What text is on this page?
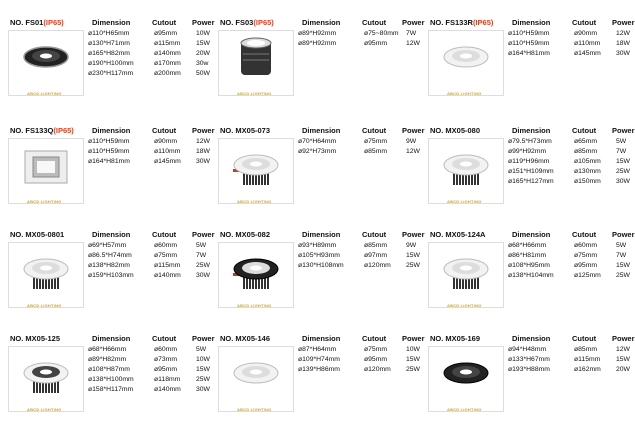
NO. FS01(IP65)	Dimension	Cutout Power
ABCD LIGHTING
ø110*H65mm	ø95mm	10W
ø130*H71mm	ø115mm 15W
ø165*H82mm	ø140mm 20W
ø190*H100mm	ø170mm 30w
ø230*H117mm	ø200mm 50W
NO. FS03(IP65)	Dimension	Cutout Power
ABCD LIGHTING
ø89*H92mm	ø75~80mm 7W
ø89*H92mm	ø95mm	12W
NO. FS133R(IP65) Dimension	Cutout Power
ABCD LIGHTING
ø110*H59mm	ø90mm	12W
ø110*H59mm	ø110mm 18W
ø164*H81mm	ø145mm 30W
NO. FS133Q(IP65) Dimension	Cutout Power
ABCD LIGHTING
ø110*H59mm	ø90mm	12W
ø110*H59mm	ø110mm 18W
ø164*H81mm	ø145mm 30W
NO. MX05-073	Dimension	Cutout Power
ABCD LIGHTING
ø70*H64mm	ø75mm	9W
ø92*H73mm	ø85mm	12W
NO. MX05-080	Dimension	Cutout Power
ABCD LIGHTING
ø79.5*H73mm	ø65mm	5W
ø99*H92mm	ø85mm	7W
ø119*H96mm	ø105mm 15W
ø151*H109mm	ø130mm 25W
ø165*H127mm	ø150mm 30W
NO. MX05-0801	Dimension	Cutout Power
ABCD LIGHTING
ø69*H57mm	ø60mm	5W
ø86.5*H74mm	ø75mm	7W
ø138*H82mm	ø115mm 25W
ø159*H103mm	ø140mm 30W
NO. MX05-082	Dimension	Cutout Power
ABCD LIGHTING
ø93*H89mm	ø85mm	9W
ø105*H93mm	ø97mm	15W
ø130*H108mm	ø120mm 25W
NO. MX05-124A	Dimension	Cutout Power
ABCD LIGHTING
ø68*H66mm	ø60mm	5W
ø86*H81mm	ø75mm	7W
ø108*H95mm	ø95mm	15W
ø138*H104mm	ø125mm 25W
NO. MX05-125	Dimension	Cutout Power
ABCD LIGHTING
ø68*H66mm	ø60mm	5W
ø89*H82mm	ø73mm	10W
ø108*H87mm	ø95mm	15W
ø138*H100mm	ø118mm 25W
ø158*H117mm	ø140mm 30W
NO. MX05-146	Dimension	Cutout Power
ABCD LIGHTING
ø87*H64mm	ø75mm	10W
ø109*H74mm	ø95mm	15W
ø139*H86mm	ø120mm 25W
NO. MX05-169	Dimension	Cutout Power
ABCD LIGHTING
ø94*H48mm	ø85mm	12W
ø133*H67mm	ø115mm 15W
ø193*H88mm	ø162mm 20W
